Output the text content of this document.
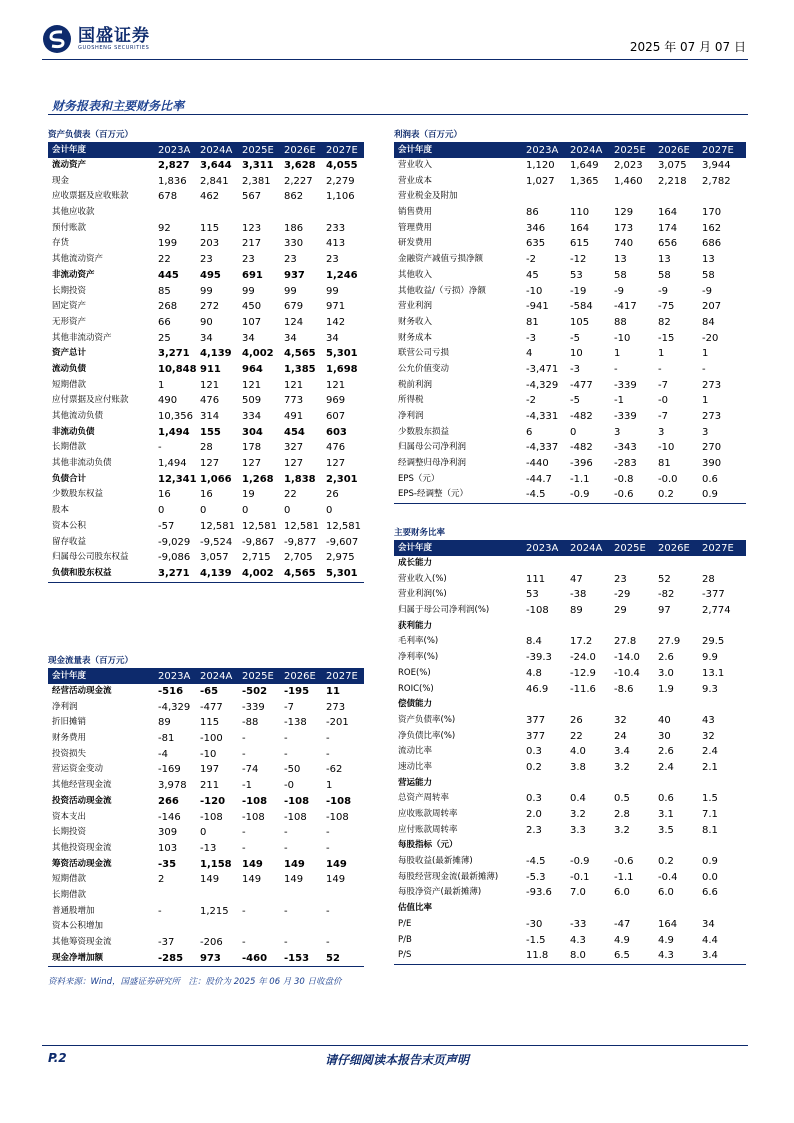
国盛证券
GUOSHENG SECURITIES	2025 年 07 月 07 日
财务报表和主要财务比率
资产负债表（百万元）
会计年度	2023A 2024A 2025E	2026E	2027E
流动资产	2,827	3,644	3,311	3,628	4,055
现金	1,836	2,841	2,381	2,227	2,279
应收票据及应收账款	678	462	567	862	1,106
其他应收款
预付账款	92	115	123	186	233
存货	199	203	217	330	413
其他流动资产	22	23	23	23	23
非流动资产	445	495	691	937	1,246
长期投资	85	99	99	99	99
固定资产	268	272	450	679	971
无形资产	66	90	107	124	142
其他非流动资产	25	34	34	34	34
资产总计	3,271	4,139	4,002	4,565	5,301
流动负债	10,848 911	964	1,385	1,698
短期借款	1	121	121	121	121
应付票据及应付账款	490	476	509	773	969
其他流动负债	10,356 314	334	491	607
非流动负债	1,494	155	304	454	603
长期借款	-	28	178	327	476
其他非流动负债	1,494	127	127	127	127
负债合计	12,341 1,066	1,268	1,838	2,301
少数股东权益	16	16	19	22	26
股本	0	0	0	0	0
资本公积	-57	12,581 12,581 12,581 12,581
留存收益	-9,029 -9,524 -9,867 -9,877 -9,607
归属母公司股东权益	-9,086 3,057	2,715	2,705	2,975
负债和股东权益	3,271	4,139	4,002	4,565	5,301
现金流量表（百万元）
会计年度	2023A 2024A 2025E	2026E	2027E
经营活动现金流	-516	-65	-502	-195	11
净利润	-4,329 -477	-339	-7	273
折旧摊销	89	115	-88	-138	-201
财务费用	-81	-100	-	-	-
投资损失	-4	-10	-	-	-
营运资金变动	-169	197	-74	-50	-62
其他经营现金流	3,978	211	-1	-0	1
投资活动现金流	266	-120	-108	-108	-108
资本支出	-146	-108	-108	-108	-108
长期投资	309	0	-	-	-
其他投资现金流	103	-13	-	-	-
筹资活动现金流	-35	1,158	149	149	149
短期借款	2	149	149	149	149
长期借款
普通股增加	-	1,215	-	-	-
资本公积增加
其他筹资现金流	-37	-206	-	-	-
现金净增加额	-285	973	-460	-153	52
利润表（百万元）
会计年度	2023A	2024A	2025E	2026E	2027E
营业收入	1,120	1,649	2,023	3,075	3,944
营业成本	1,027	1,365	1,460	2,218	2,782
营业税金及附加
销售费用	86	110	129	164	170
管理费用	346	164	173	174	162
研发费用	635	615	740	656	686
金融资产减值亏损净额	-2	-12	13	13	13
其他收入	45	53	58	58	58
其他收益/（亏损）净额	-10	-19	-9	-9	-9
营业利润	-941	-584	-417	-75	207
财务收入	81	105	88	82	84
财务成本	-3	-5	-10	-15	-20
联营公司亏损	4	10	1	1	1
公允价值变动	-3,471	-3	-	-	-
税前利润	-4,329	-477	-339	-7	273
所得税	-2	-5	-1	-0	1
净利润	-4,331	-482	-339	-7	273
少数股东损益	6	0	3	3	3
归属母公司净利润	-4,337	-482	-343	-10	270
经调整归母净利润	-440	-396	-283	81	390
EPS（元）	-44.7	-1.1	-0.8	-0.0	0.6
EPS-经调整（元）	-4.5	-0.9	-0.6	0.2	0.9
主要财务比率
会计年度	2023A	2024A	2025E	2026E	2027E
成长能力
营业收入(%)	111	47	23	52	28
营业利润(%)	53	-38	-29	-82	-377
归属于母公司净利润(%)	-108	89	29	97	2,774
获利能力
毛利率(%)	8.4	17.2	27.8	27.9	29.5
净利率(%)	-39.3	-24.0	-14.0	2.6	9.9
ROE(%)	4.8	-12.9	-10.4	3.0	13.1
ROIC(%)	46.9	-11.6	-8.6	1.9	9.3
偿债能力
资产负债率(%)	377	26	32	40	43
净负债比率(%)	377	22	24	30	32
流动比率	0.3	4.0	3.4	2.6	2.4
速动比率	0.2	3.8	3.2	2.4	2.1
营运能力
总资产周转率	0.3	0.4	0.5	0.6	1.5
应收账款周转率	2.0	3.2	2.8	3.1	7.1
应付账款周转率	2.3	3.3	3.2	3.5	8.1
每股指标（元）
每股收益(最新摊薄)	-4.5	-0.9	-0.6	0.2	0.9
每股经营现金流(最新摊薄)	-5.3	-0.1	-1.1	-0.4	0.0
每股净资产(最新摊薄)	-93.6	7.0	6.0	6.0	6.6
估值比率
P/E	-30	-33	-47	164	34
P/B	-1.5	4.3	4.9	4.9	4.4
P/S	11.8	8.0	6.5	4.3	3.4
资料来源：Wind，国盛证券研究所　注：股价为 2025 年 06 月 30 日收盘价
P.2	请仔细阅读本报告末页声明
